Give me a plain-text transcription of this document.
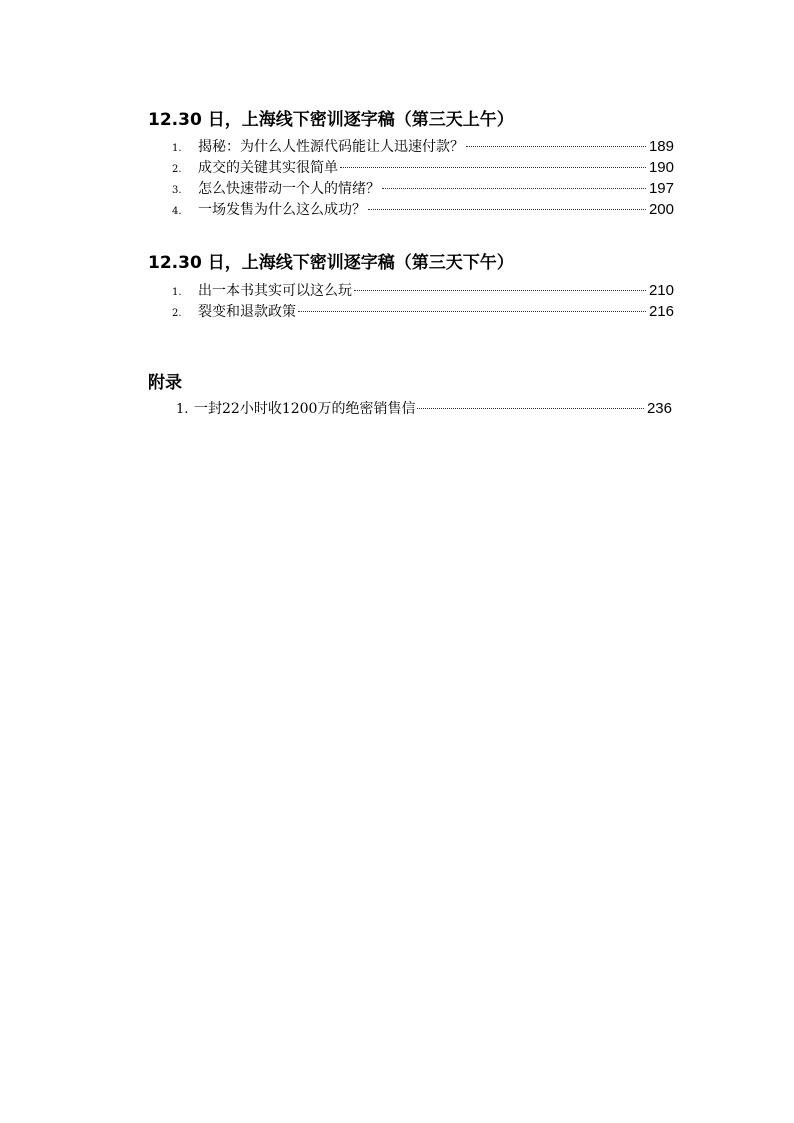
12.30 日，上海线下密训逐字稿（第三天上午）
1.	揭秘：为什么人性源代码能让人迅速付款？	189
2.	成交的关键其实很简单	190
3.	怎么快速带动一个人的情绪？	197
4.	一场发售为什么这么成功？	200
12.30 日，上海线下密训逐字稿（第三天下午）
1.	出一本书其实可以这么玩	210
2.	裂变和退款政策	216
附录
1. 一封22小时收1200万的绝密销售信	236
